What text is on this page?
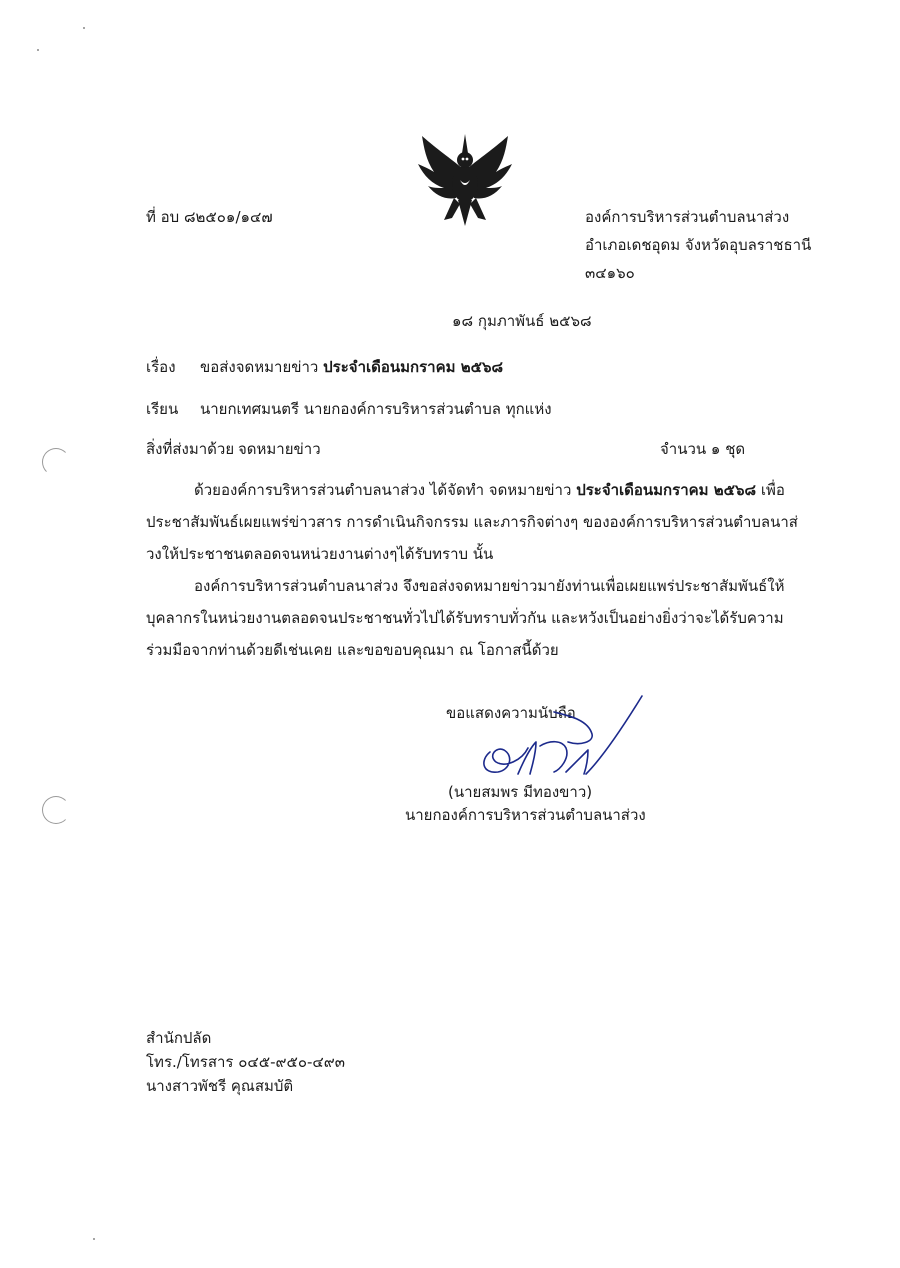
ที่ อบ ๘๒๕๐๑/๑๔๗	องค์การบริหารส่วนตำบลนาส่วง
อำเภอเดชอุดม จังหวัดอุบลราชธานี
๓๔๑๖๐
๑๘ กุมภาพันธ์ ๒๕๖๘
เรื่อง ขอส่งจดหมายข่าว ประจำเดือนมกราคม ๒๕๖๘
เรียน นายกเทศมนตรี นายกองค์การบริหารส่วนตำบล ทุกแห่ง
สิ่งที่ส่งมาด้วย จดหมายข่าว	จำนวน ๑ ชุด

ด้วยองค์การบริหารส่วนตำบลนาส่วง ได้จัดทำ จดหมายข่าว ประจำเดือนมกราคม ๒๕๖๘ เพื่อประชาสัมพันธ์เผยแพร่ข่าวสาร การดำเนินกิจกรรม และภารกิจต่างๆ ขององค์การบริหารส่วนตำบลนาส่วงให้ประชาชนตลอดจนหน่วยงานต่างๆได้รับทราบ นั้น

องค์การบริหารส่วนตำบลนาส่วง จึงขอส่งจดหมายข่าวมายังท่านเพื่อเผยแพร่ประชาสัมพันธ์ให้บุคลากรในหน่วยงานตลอดจนประชาชนทั่วไปได้รับทราบทั่วกัน และหวังเป็นอย่างยิ่งว่าจะได้รับความร่วมมือจากท่านด้วยดีเช่นเคย และขอขอบคุณมา ณ โอกาสนี้ด้วย

ขอแสดงความนับถือ
(นายสมพร มีทองขาว)
นายกองค์การบริหารส่วนตำบลนาส่วง
สำนักปลัด
โทร./โทรสาร ๐๔๕-๙๕๐-๔๙๓
นางสาวพัชรี คุณสมบัติ
